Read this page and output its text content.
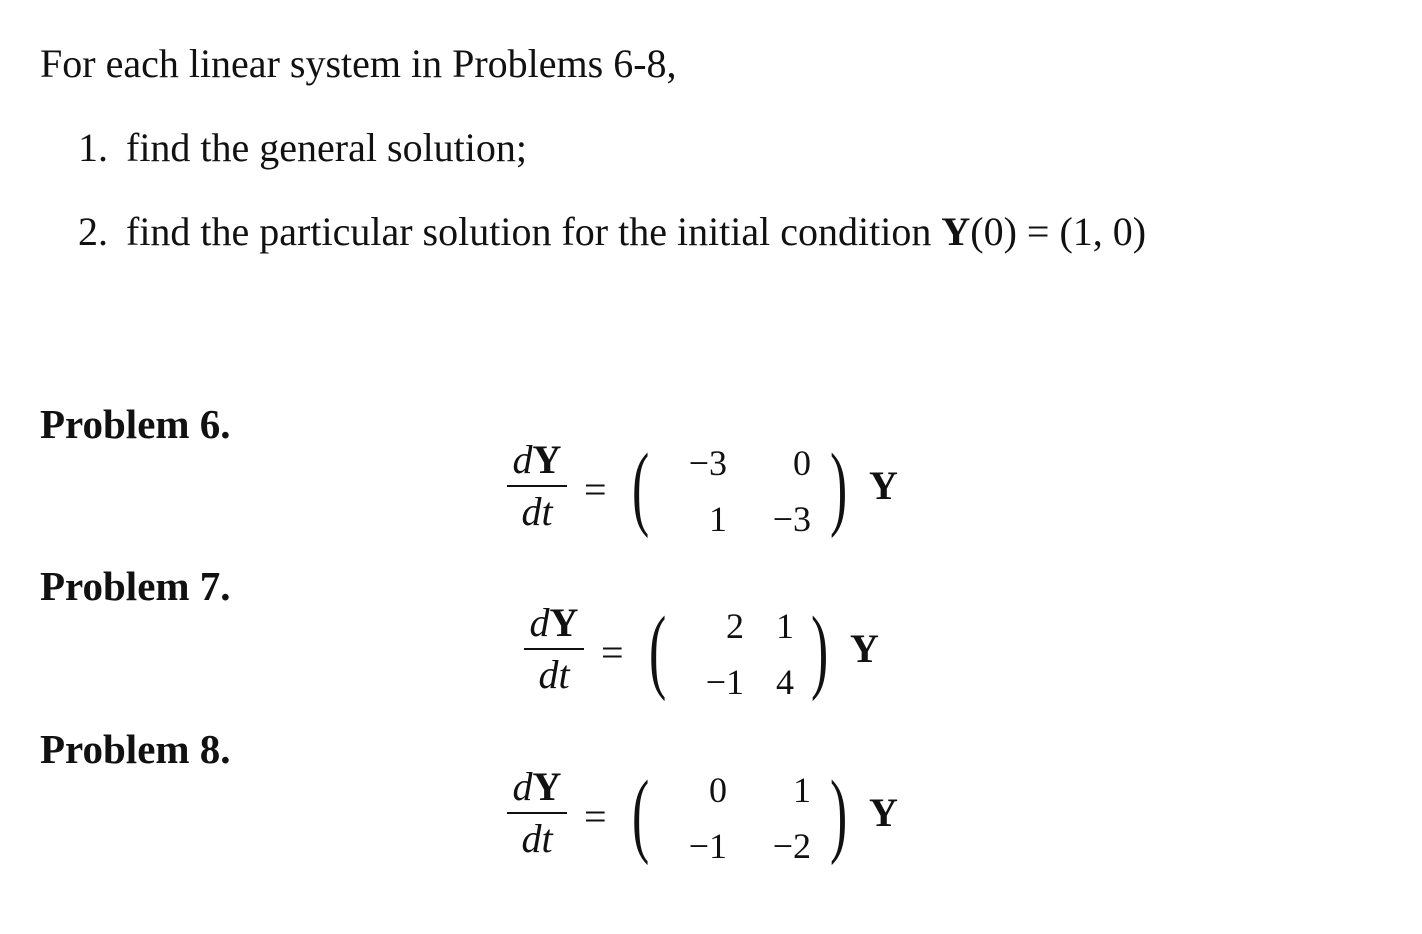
For each linear system in Problems 6-8,
1. find the general solution;
2. find the particular solution for the initial condition Y(0) = (1, 0)
Problem 6.
dY
dt = (	−3	0
1	−3 ) Y
Problem 7.
dY
dt = (	2 1
−1 4 ) Y
Problem 8.
dY
dt = (	0	1
−1	−2 ) Y
